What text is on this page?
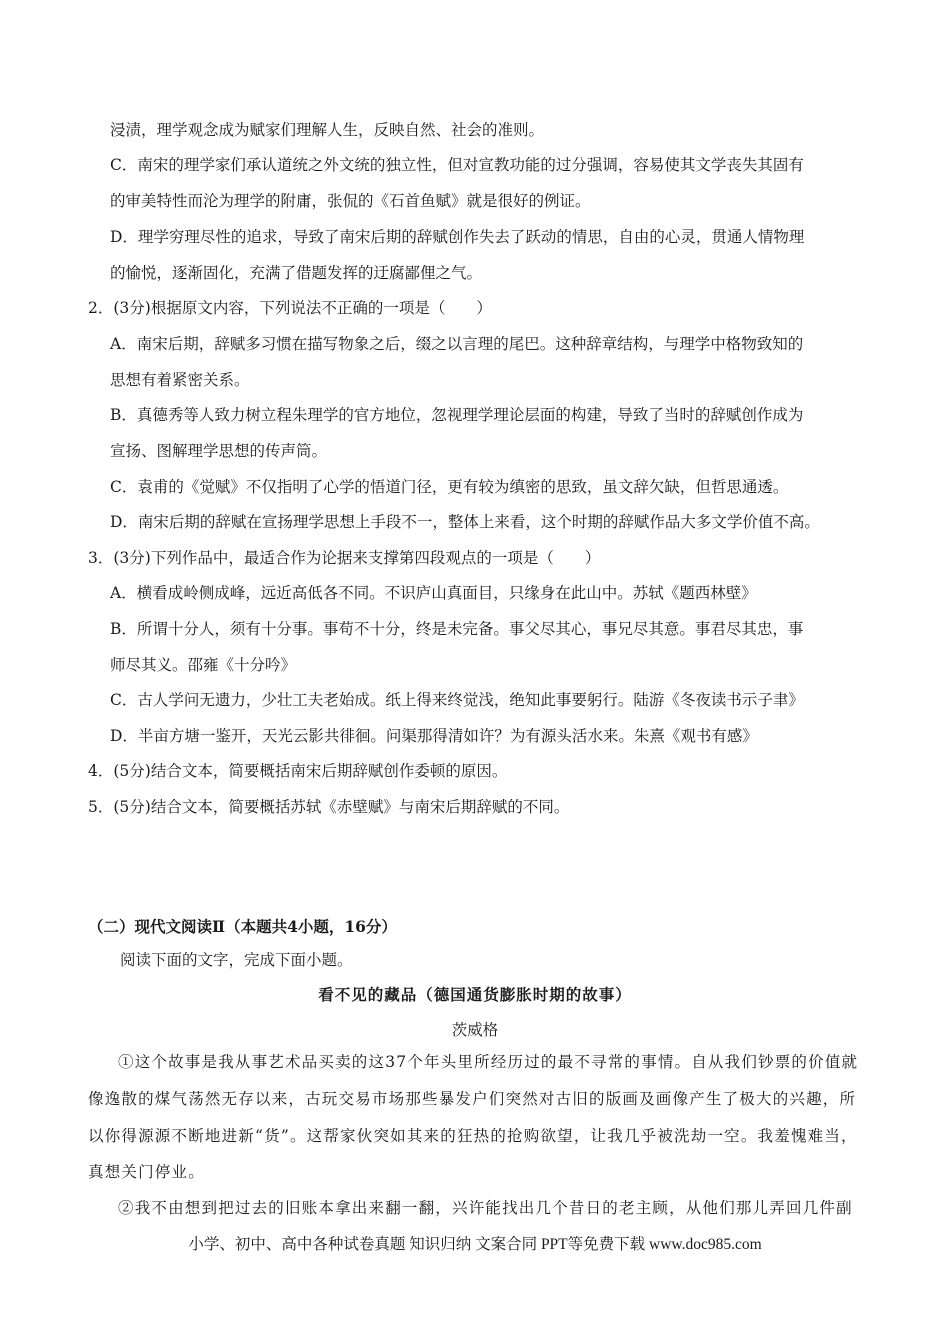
浸渍，理学观念成为赋家们理解人生，反映自然、社会的准则。
C．南宋的理学家们承认道统之外文统的独立性，但对宣教功能的过分强调，容易使其文学丧失其固有
的审美特性而沦为理学的附庸，张侃的《石首鱼赋》就是很好的例证。
D．理学穷理尽性的追求，导致了南宋后期的辞赋创作失去了跃动的情思，自由的心灵，贯通人情物理
的愉悦，逐渐固化，充满了借题发挥的迂腐鄙俚之气。
2．(3分)根据原文内容，下列说法不正确的一项是（　　）
A．南宋后期，辞赋多习惯在描写物象之后，缀之以言理的尾巴。这种辞章结构，与理学中格物致知的
思想有着紧密关系。
B．真德秀等人致力树立程朱理学的官方地位，忽视理学理论层面的构建，导致了当时的辞赋创作成为
宣扬、图解理学思想的传声筒。
C．袁甫的《觉赋》不仅指明了心学的悟道门径，更有较为缜密的思致，虽文辞欠缺，但哲思通透。
D．南宋后期的辞赋在宣扬理学思想上手段不一，整体上来看，这个时期的辞赋作品大多文学价值不高。
3．(3分)下列作品中，最适合作为论据来支撑第四段观点的一项是（　　）
A．横看成岭侧成峰，远近高低各不同。不识庐山真面目，只缘身在此山中。苏轼《题西林壁》
B．所谓十分人，须有十分事。事苟不十分，终是未完备。事父尽其心，事兄尽其意。事君尽其忠，事
师尽其义。邵雍《十分吟》
C．古人学问无遗力，少壮工夫老始成。纸上得来终觉浅，绝知此事要躬行。陆游《冬夜读书示子聿》
D．半亩方塘一鉴开，天光云影共徘徊。问渠那得清如许？为有源头活水来。朱熹《观书有感》
4．(5分)结合文本，简要概括南宋后期辞赋创作委顿的原因。
5．(5分)结合文本，简要概括苏轼《赤壁赋》与南宋后期辞赋的不同。
（二）现代文阅读Ⅱ（本题共4小题，16分）
阅读下面的文字，完成下面小题。
看不见的藏品（德国通货膨胀时期的故事）
茨威格
①这个故事是我从事艺术品买卖的这37个年头里所经历过的最不寻常的事情。自从我们钞票的价值就
像逸散的煤气荡然无存以来，古玩交易市场那些暴发户们突然对古旧的版画及画像产生了极大的兴趣，所
以你得源源不断地进新“货”。这帮家伙突如其来的狂热的抢购欲望，让我几乎被洗劫一空。我羞愧难当，
真想关门停业。
②我不由想到把过去的旧账本拿出来翻一翻，兴许能找出几个昔日的老主顾，从他们那儿弄回几件副
小学、初中、高中各种试卷真题 知识归纳 文案合同 PPT等免费下载 www.doc985.com
